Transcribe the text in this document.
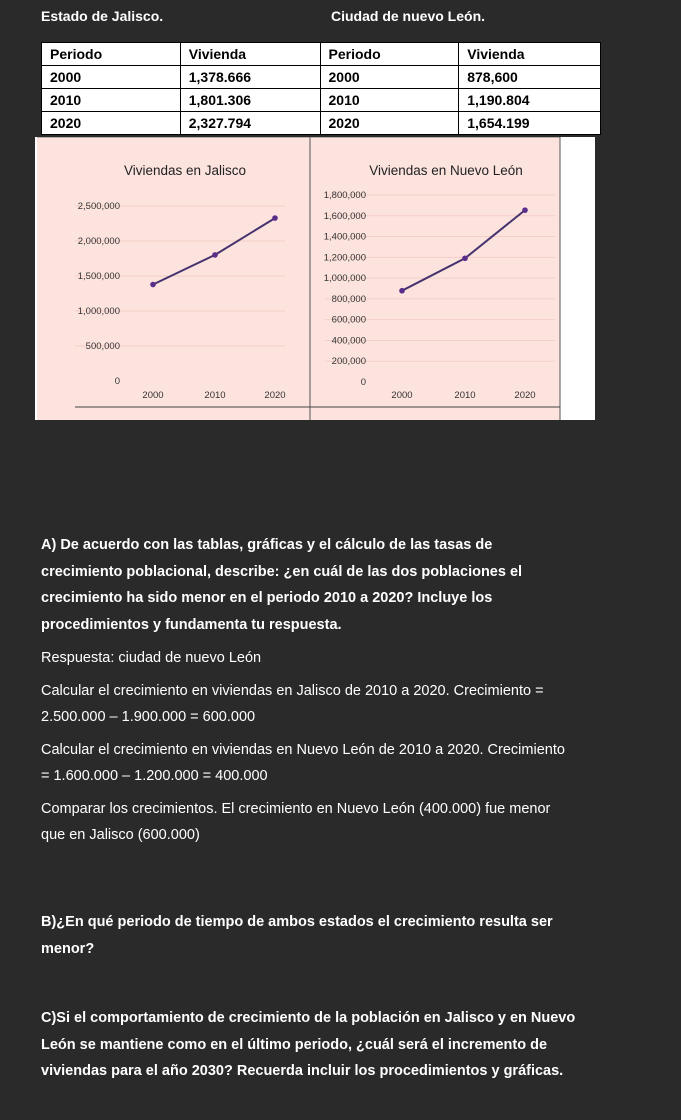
Estado de Jalisco.	Ciudad de nuevo León.
Periodo	Vivienda	Periodo	Vivienda
2000	1,378.666	2000	878,600
2010	1,801.306	2010	1,190.804
2020	2,327.794	2020	1,654.199
Viviendas en Jalisco
0
500,000
1,000,000
1,500,000
2,000,000
2,500,000
2000	2010	2020
Viviendas en Nuevo León
0
200,000
400,000
600,000
800,000
1,000,000
1,200,000
1,400,000
1,600,000
1,800,000
2000	2010	2020

A) De acuerdo con las tablas, gráficas y el cálculo de las tasas de

crecimiento poblacional, describe: ¿en cuál de las dos poblaciones el

crecimiento ha sido menor en el periodo 2010 a 2020? Incluye los

procedimientos y fundamenta tu respuesta.

Respuesta: ciudad de nuevo León

Calcular el crecimiento en viviendas en Jalisco de 2010 a 2020. Crecimiento =

2.500.000 – 1.900.000 = 600.000

Calcular el crecimiento en viviendas en Nuevo León de 2010 a 2020. Crecimiento

= 1.600.000 – 1.200.000 = 400.000

Comparar los crecimientos. El crecimiento en Nuevo León (400.000) fue menor

que en Jalisco (600.000)

B)¿En qué periodo de tiempo de ambos estados el crecimiento resulta ser

menor?

C)Si el comportamiento de crecimiento de la población en Jalisco y en Nuevo

León se mantiene como en el último periodo, ¿cuál será el incremento de

viviendas para el año 2030? Recuerda incluir los procedimientos y gráficas.
